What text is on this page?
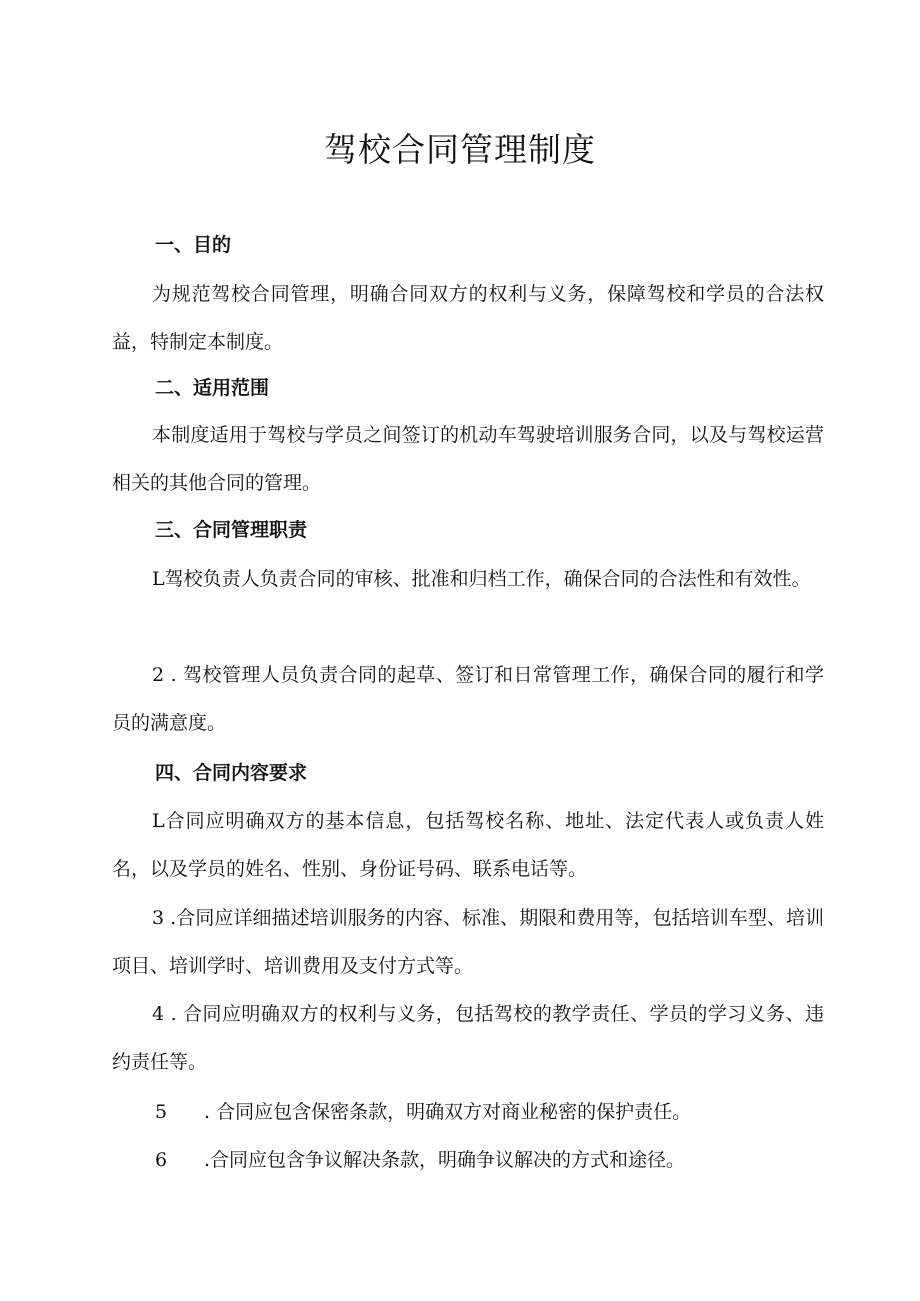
驾校合同管理制度
一、目的

为规范驾校合同管理，明确合同双方的权利与义务，保障驾校和学员的合法权益，特制定本制度。

二、适用范围

本制度适用于驾校与学员之间签订的机动车驾驶培训服务合同，以及与驾校运营相关的其他合同的管理。

三、合同管理职责

L驾校负责人负责合同的审核、批准和归档工作，确保合同的合法性和有效性。

2 . 驾校管理人员负责合同的起草、签订和日常管理工作，确保合同的履行和学员的满意度。

四、合同内容要求

L合同应明确双方的基本信息，包括驾校名称、地址、法定代表人或负责人姓名，以及学员的姓名、性别、身份证号码、联系电话等。

3 .合同应详细描述培训服务的内容、标准、期限和费用等，包括培训车型、培训项目、培训学时、培训费用及支付方式等。

4 . 合同应明确双方的权利与义务，包括驾校的教学责任、学员的学习义务、违约责任等。

5 . 合同应包含保密条款，明确双方对商业秘密的保护责任。
6 .合同应包含争议解决条款，明确争议解决的方式和途径。
